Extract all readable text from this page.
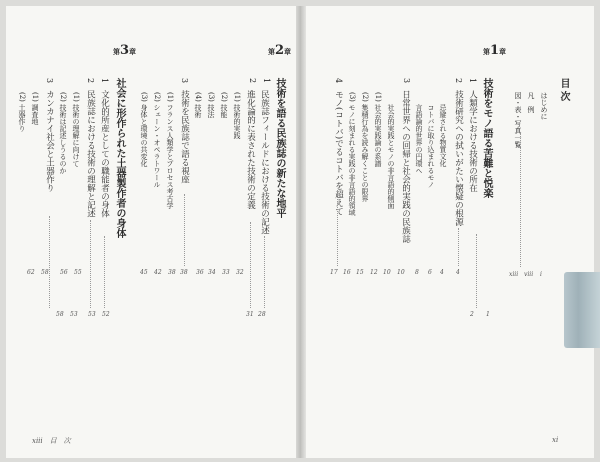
目次
はじめに
凡　例
図・表・写真一覧
i
viii
xiii
xi
xiii　目　次
第1章
技術をモノ語る苦難と悦楽
1
1
人類学における技術の所在
2
2
技術研究への拭いがたい懐疑の根源
4
忌避される物質文化
4
コトバに取り込まれるモノ
6
言語論的世界の円環へ
3
日常世界への回帰と社会的実践の民族誌
8
10
社会的実践とモノの非言語的側面
10
(1)
社会的実践論の系譜
12
(2)
集積行為を読み解くことの限界
15
(3)
モノに刻まれる実践の非言語的領域
4
モノ(コトバ)でるコトバを超えて
16
17
第2章
技術を語る民族誌の新たな地平
28
1
民族誌フィールドにおける技術の記述
31
2
進化論的に表された技術の定義
32
(1)
技術的実践
(2)
技能
33
(3)
技法
34
(4)
技術
36
3
技術を民族誌で語る視座
38
(1)
フランス人類学とプロセス考古学
38
(2)
シェーン・オペラトワール
42
(3)
身体と環境の共変化
45
第3章
社会に形作られた土器製作者の身体
52
1
文化的所産としての職能者の身体
53
2
民族誌における技術の理解と記述
53
(1)
技術の理解に向けて
55
(2)
技術は記述しうるのか
56
3
カンカナイ社会と土器作り
58
(1)
調査地
58
(2)
土器作り
62
